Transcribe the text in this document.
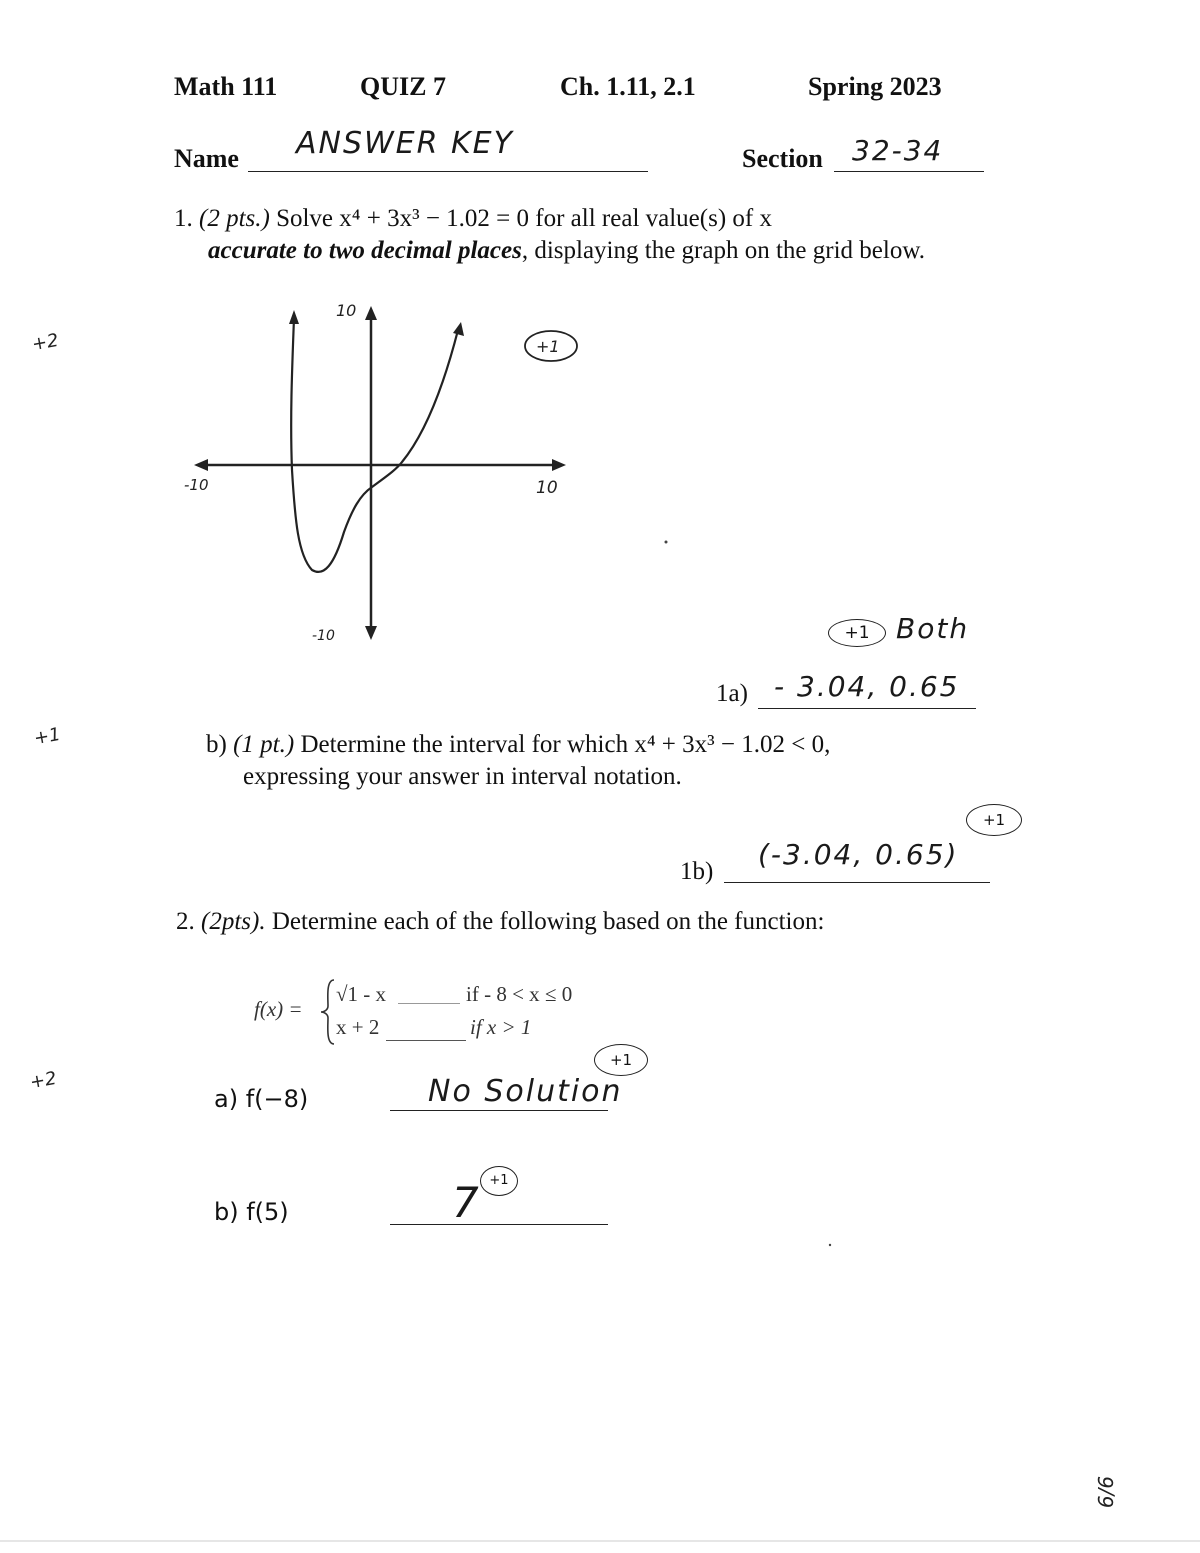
Math 111	QUIZ 7	Ch. 1.11, 2.1	Spring 2023
Name ANSWER KEY	Section 32-34
+2
+1
+2
6/6
1. (2 pts.) Solve x⁴ + 3x³ − 1.02 = 0 for all real value(s) of x
accurate to two decimal places, displaying the graph on the grid below.
10
-10
-10	10
+1
+1 Both
1a) - 3.04, 0.65
b) (1 pt.) Determine the interval for which x⁴ + 3x³ − 1.02 < 0,
expressing your answer in interval notation.
+1
1b)
(-3.04, 0.65)
2. (2pts). Determine each of the following based on the function:
f(x) =
√1 - x	if - 8 < x ≤ 0
x + 2	if x > 1
a) f(−8)
+1
No Solution
b) f(5)	7 +1
